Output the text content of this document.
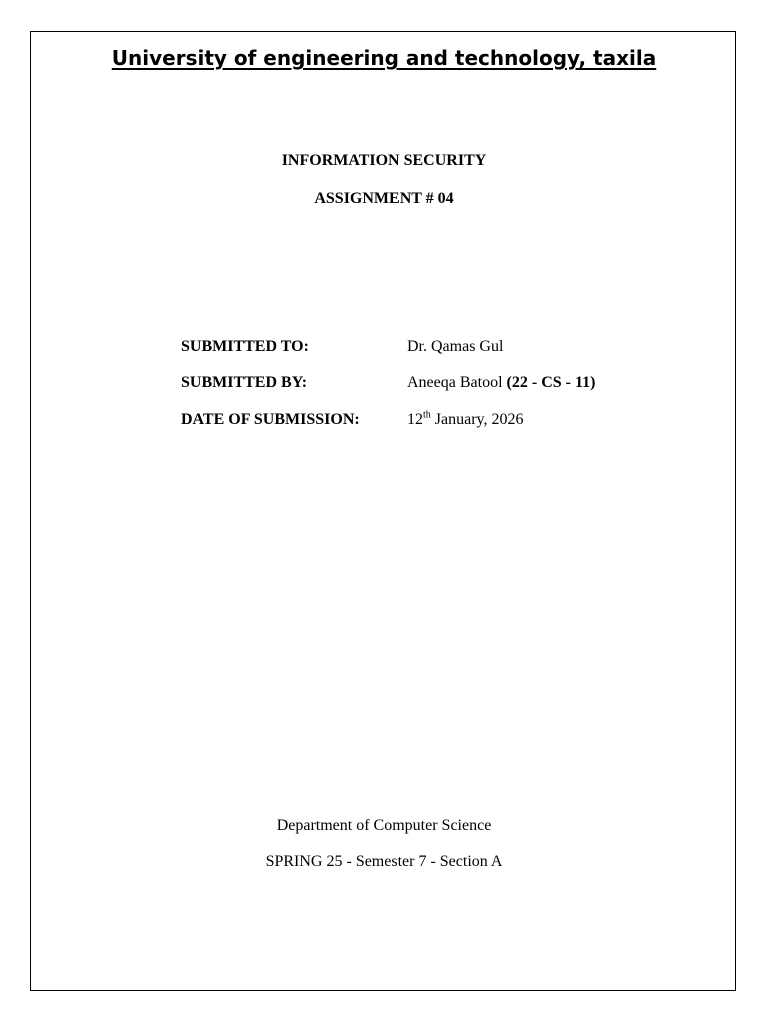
University of engineering and technology, taxila
INFORMATION SECURITY
ASSIGNMENT # 04
SUBMITTED TO:	Dr. Qamas Gul
SUBMITTED BY:	Aneeqa Batool (22 - CS - 11)
DATE OF SUBMISSION:	12th January, 2026
Department of Computer Science
SPRING 25 - Semester 7 - Section A
